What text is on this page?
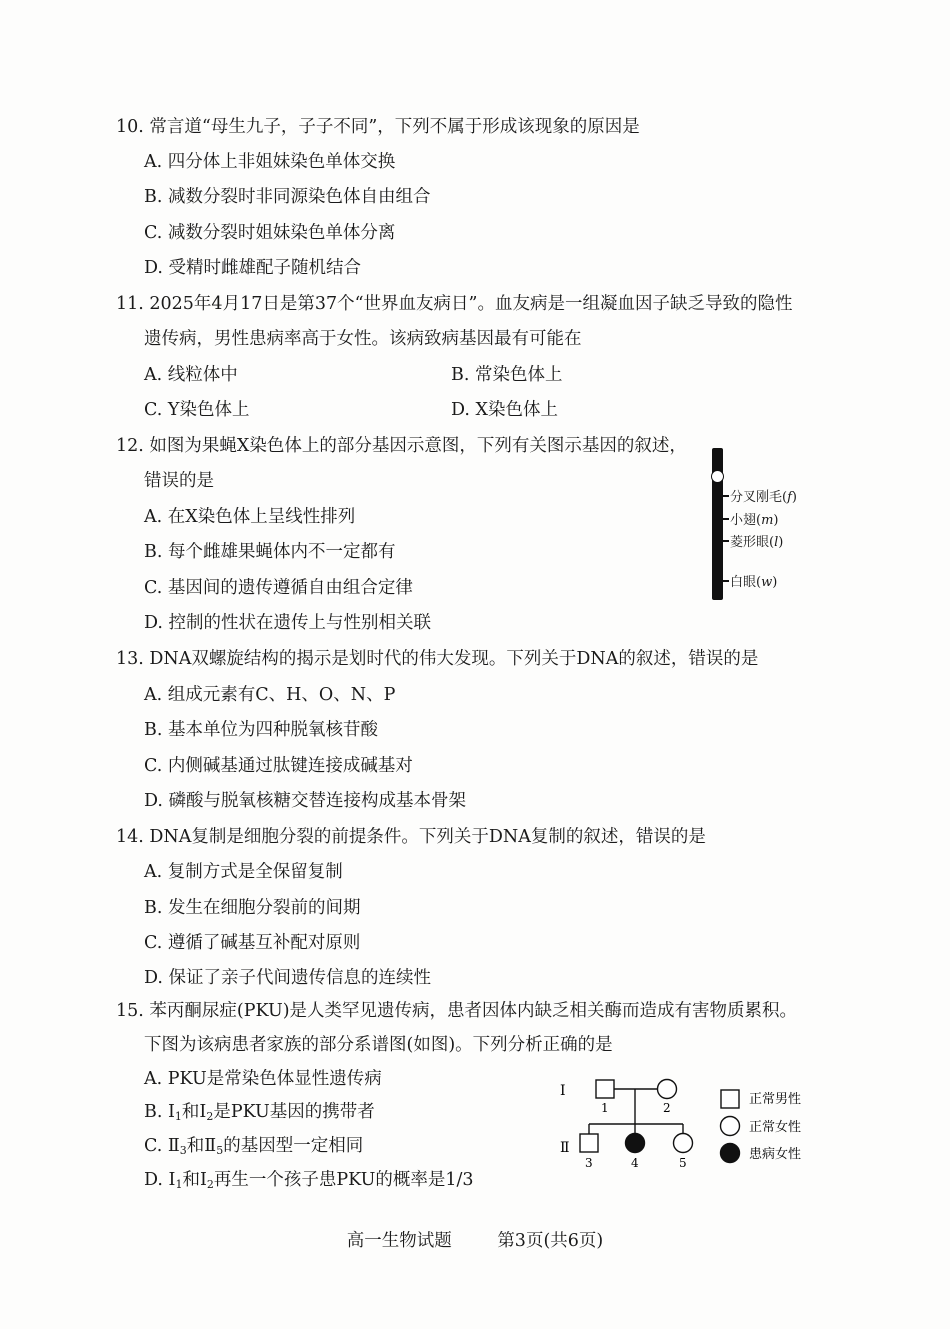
10. 常言道“母生九子，子子不同”，下列不属于形成该现象的原因是
A. 四分体上非姐妹染色单体交换
B. 减数分裂时非同源染色体自由组合
C. 减数分裂时姐妹染色单体分离
D. 受精时雌雄配子随机结合
11. 2025年4月17日是第37个“世界血友病日”。血友病是一组凝血因子缺乏导致的隐性
遗传病，男性患病率高于女性。该病致病基因最有可能在
A. 线粒体中	B. 常染色体上
C. Y染色体上	D. X染色体上
12. 如图为果蝇X染色体上的部分基因示意图，下列有关图示基因的叙述，
错误的是
A. 在X染色体上呈线性排列
B. 每个雌雄果蝇体内不一定都有
C. 基因间的遗传遵循自由组合定律
D. 控制的性状在遗传上与性别相关联
分叉刚毛(f)
小翅(m)
菱形眼(l)
白眼(w)
13. DNA双螺旋结构的揭示是划时代的伟大发现。下列关于DNA的叙述，错误的是
A. 组成元素有C、H、O、N、P
B. 基本单位为四种脱氧核苷酸
C. 内侧碱基通过肽键连接成碱基对
D. 磷酸与脱氧核糖交替连接构成基本骨架
14. DNA复制是细胞分裂的前提条件。下列关于DNA复制的叙述，错误的是
A. 复制方式是全保留复制
B. 发生在细胞分裂前的间期
C. 遵循了碱基互补配对原则
D. 保证了亲子代间遗传信息的连续性
15. 苯丙酮尿症(PKU)是人类罕见遗传病，患者因体内缺乏相关酶而造成有害物质累积。
下图为该病患者家族的部分系谱图(如图)。下列分析正确的是
A. PKU是常染色体显性遗传病
B. $Ⅰ_1$和$Ⅰ_2$是PKU基因的携带者
C. $Ⅱ_3$和$Ⅱ_5$的基因型一定相同
D. $Ⅰ_1$和$Ⅰ_2$再生一个孩子患PKU的概率是1/3
Ⅰ
Ⅱ
1	2
3	4	5
正常男性
正常女性
患病女性
高一生物试题	第3页(共6页)
